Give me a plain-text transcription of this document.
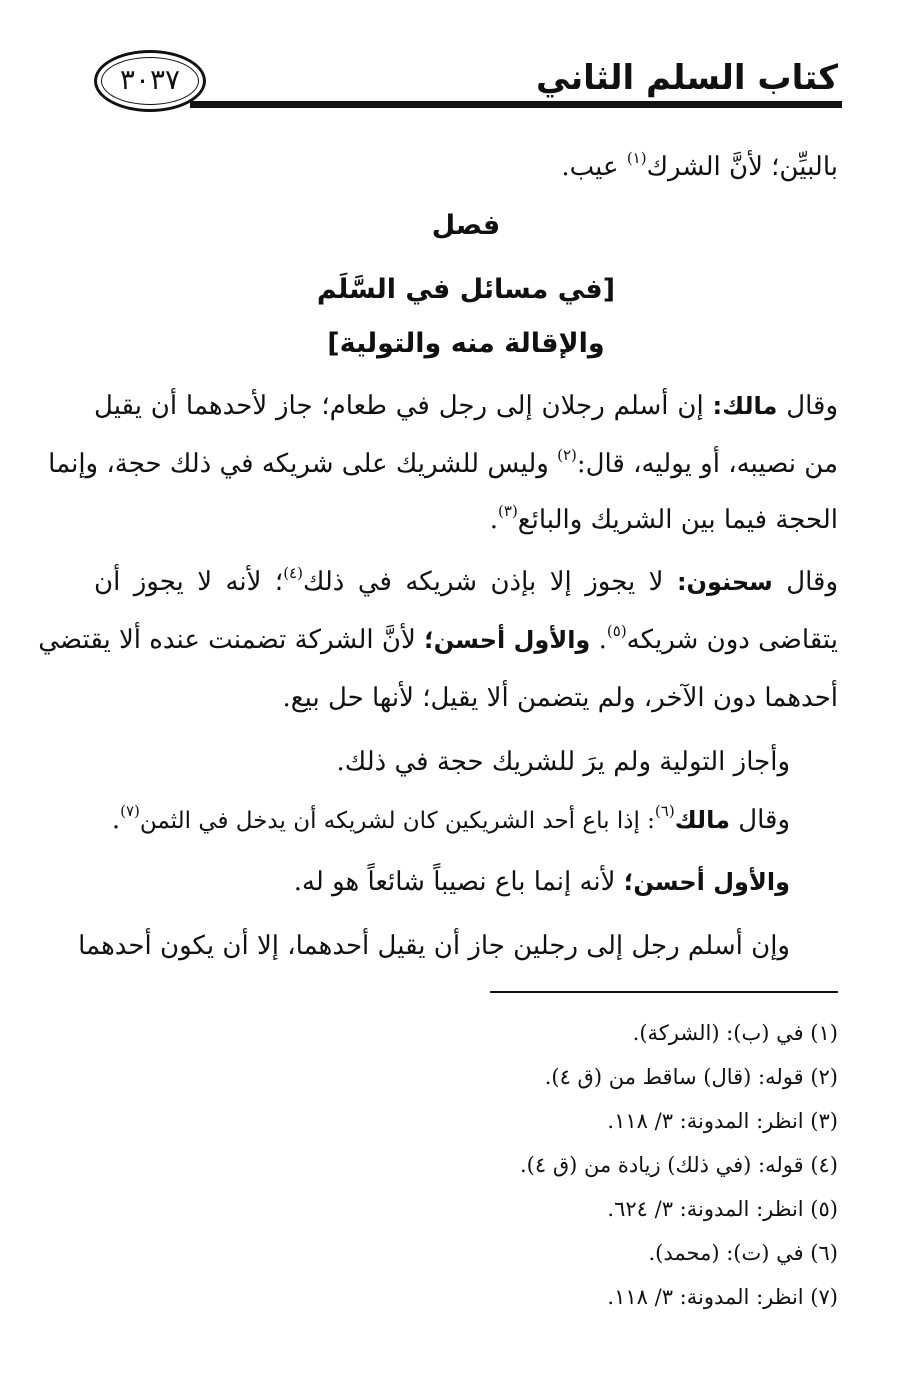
كتاب السلم الثاني
٣٠٣٧
بالبيِّن؛ لأنَّ الشرك$^{(١)}$ عيب.
فصل
[في مسائل في السَّلَم
والإقالة منه والتولية]
وقال مالك: إن أسلم رجلان إلى رجل في طعام؛ جاز لأحدهما أن يقيل
من نصيبه، أو يوليه، قال:$^{(٢)}$ وليس للشريك على شريكه في ذلك حجة، وإنما
الحجة فيما بين الشريك والبائع$^{(٣)}$.
وقال سحنون: لا يجوز إلا بإذن شريكه في ذلك$^{(٤)}$؛ لأنه لا يجوز أن
يتقاضى دون شريكه$^{(٥)}$. والأول أحسن؛ لأنَّ الشركة تضمنت عنده ألا يقتضي
أحدهما دون الآخر، ولم يتضمن ألا يقيل؛ لأنها حل بيع.
وأجاز التولية ولم يرَ للشريك حجة في ذلك.
وقال مالك$^{(٦)}$: إذا باع أحد الشريكين كان لشريكه أن يدخل في الثمن$^{(٧)}$.
والأول أحسن؛ لأنه إنما باع نصيباً شائعاً هو له.
وإن أسلم رجل إلى رجلين جاز أن يقيل أحدهما، إلا أن يكون أحدهما
(١) في (ب): (الشركة).
(٢) قوله: (قال) ساقط من (ق ٤).
(٣) انظر: المدونة: ٣/ ١١٨.
(٤) قوله: (في ذلك) زيادة من (ق ٤).
(٥) انظر: المدونة: ٣/ ٦٢٤.
(٦) في (ت): (محمد).
(٧) انظر: المدونة: ٣/ ١١٨.
